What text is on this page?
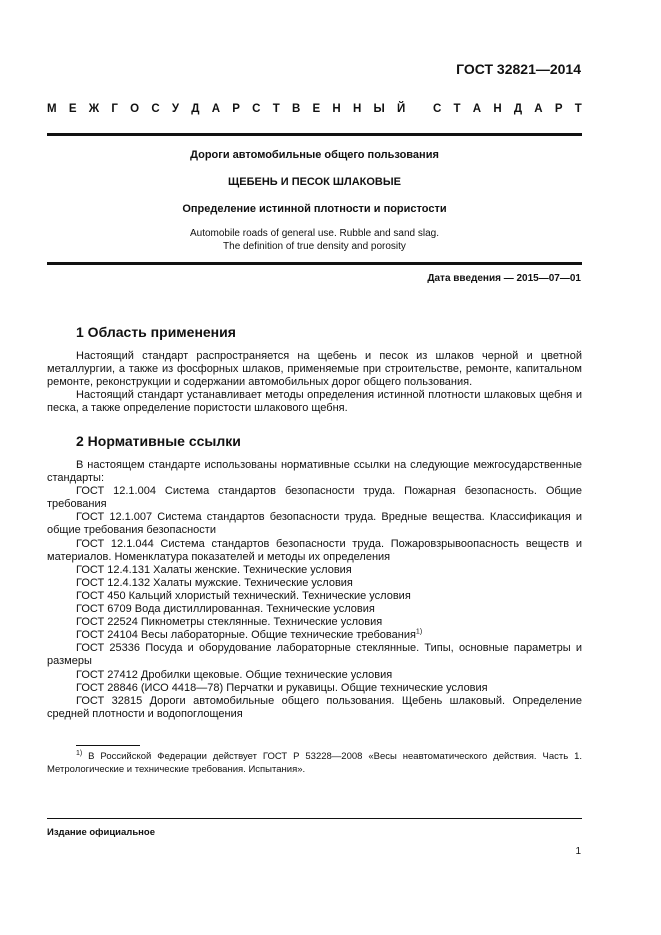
ГОСТ 32821—2014
М Е Ж Г О С У Д А Р С Т В Е Н Н Ы Й
С Т А Н Д А Р Т
Дороги автомобильные общего пользования
ЩЕБЕНЬ И ПЕСОК ШЛАКОВЫЕ
Определение истинной плотности и пористости
Automobile roads of general use. Rubble and sand slag.
The definition of true density and porosity
Дата введения — 2015—07—01
1 Область применения

Настоящий стандарт распространяется на щебень и песок из шлаков черной и цветной металлургии, а также из фосфорных шлаков, применяемые при строительстве, ремонте, капитальном ремонте, реконструкции и содержании автомобильных дорог общего пользования.

Настоящий стандарт устанавливает методы определения истинной плотности шлаковых щебня и песка, а также определение пористости шлакового щебня.

2 Нормативные ссылки

В настоящем стандарте использованы нормативные ссылки на следующие межгосударственные стандарты:

ГОСТ 12.1.004 Система стандартов безопасности труда. Пожарная безопасность. Общие требования

ГОСТ 12.1.007 Система стандартов безопасности труда. Вредные вещества. Классификация и общие требования безопасности

ГОСТ 12.1.044 Система стандартов безопасности труда. Пожаровзрывоопасность веществ и материалов. Номенклатура показателей и методы их определения

ГОСТ 12.4.131 Халаты женские. Технические условия

ГОСТ 12.4.132 Халаты мужские. Технические условия

ГОСТ 450 Кальций хлористый технический. Технические условия

ГОСТ 6709 Вода дистиллированная. Технические условия

ГОСТ 22524 Пикнометры стеклянные. Технические условия

ГОСТ 24104 Весы лабораторные. Общие технические требования$^{1)}$

ГОСТ 25336 Посуда и оборудование лабораторные стеклянные. Типы, основные параметры и размеры

ГОСТ 27412 Дробилки щековые. Общие технические условия

ГОСТ 28846 (ИСО 4418—78) Перчатки и рукавицы. Общие технические условия

ГОСТ 32815 Дороги автомобильные общего пользования. Щебень шлаковый. Определение средней плотности и водопоглощения

$^{1)}$ В Российской Федерации действует ГОСТ Р 53228—2008 «Весы неавтоматического действия. Часть 1. Метрологические и технические требования. Испытания».

Издание официальное
1
